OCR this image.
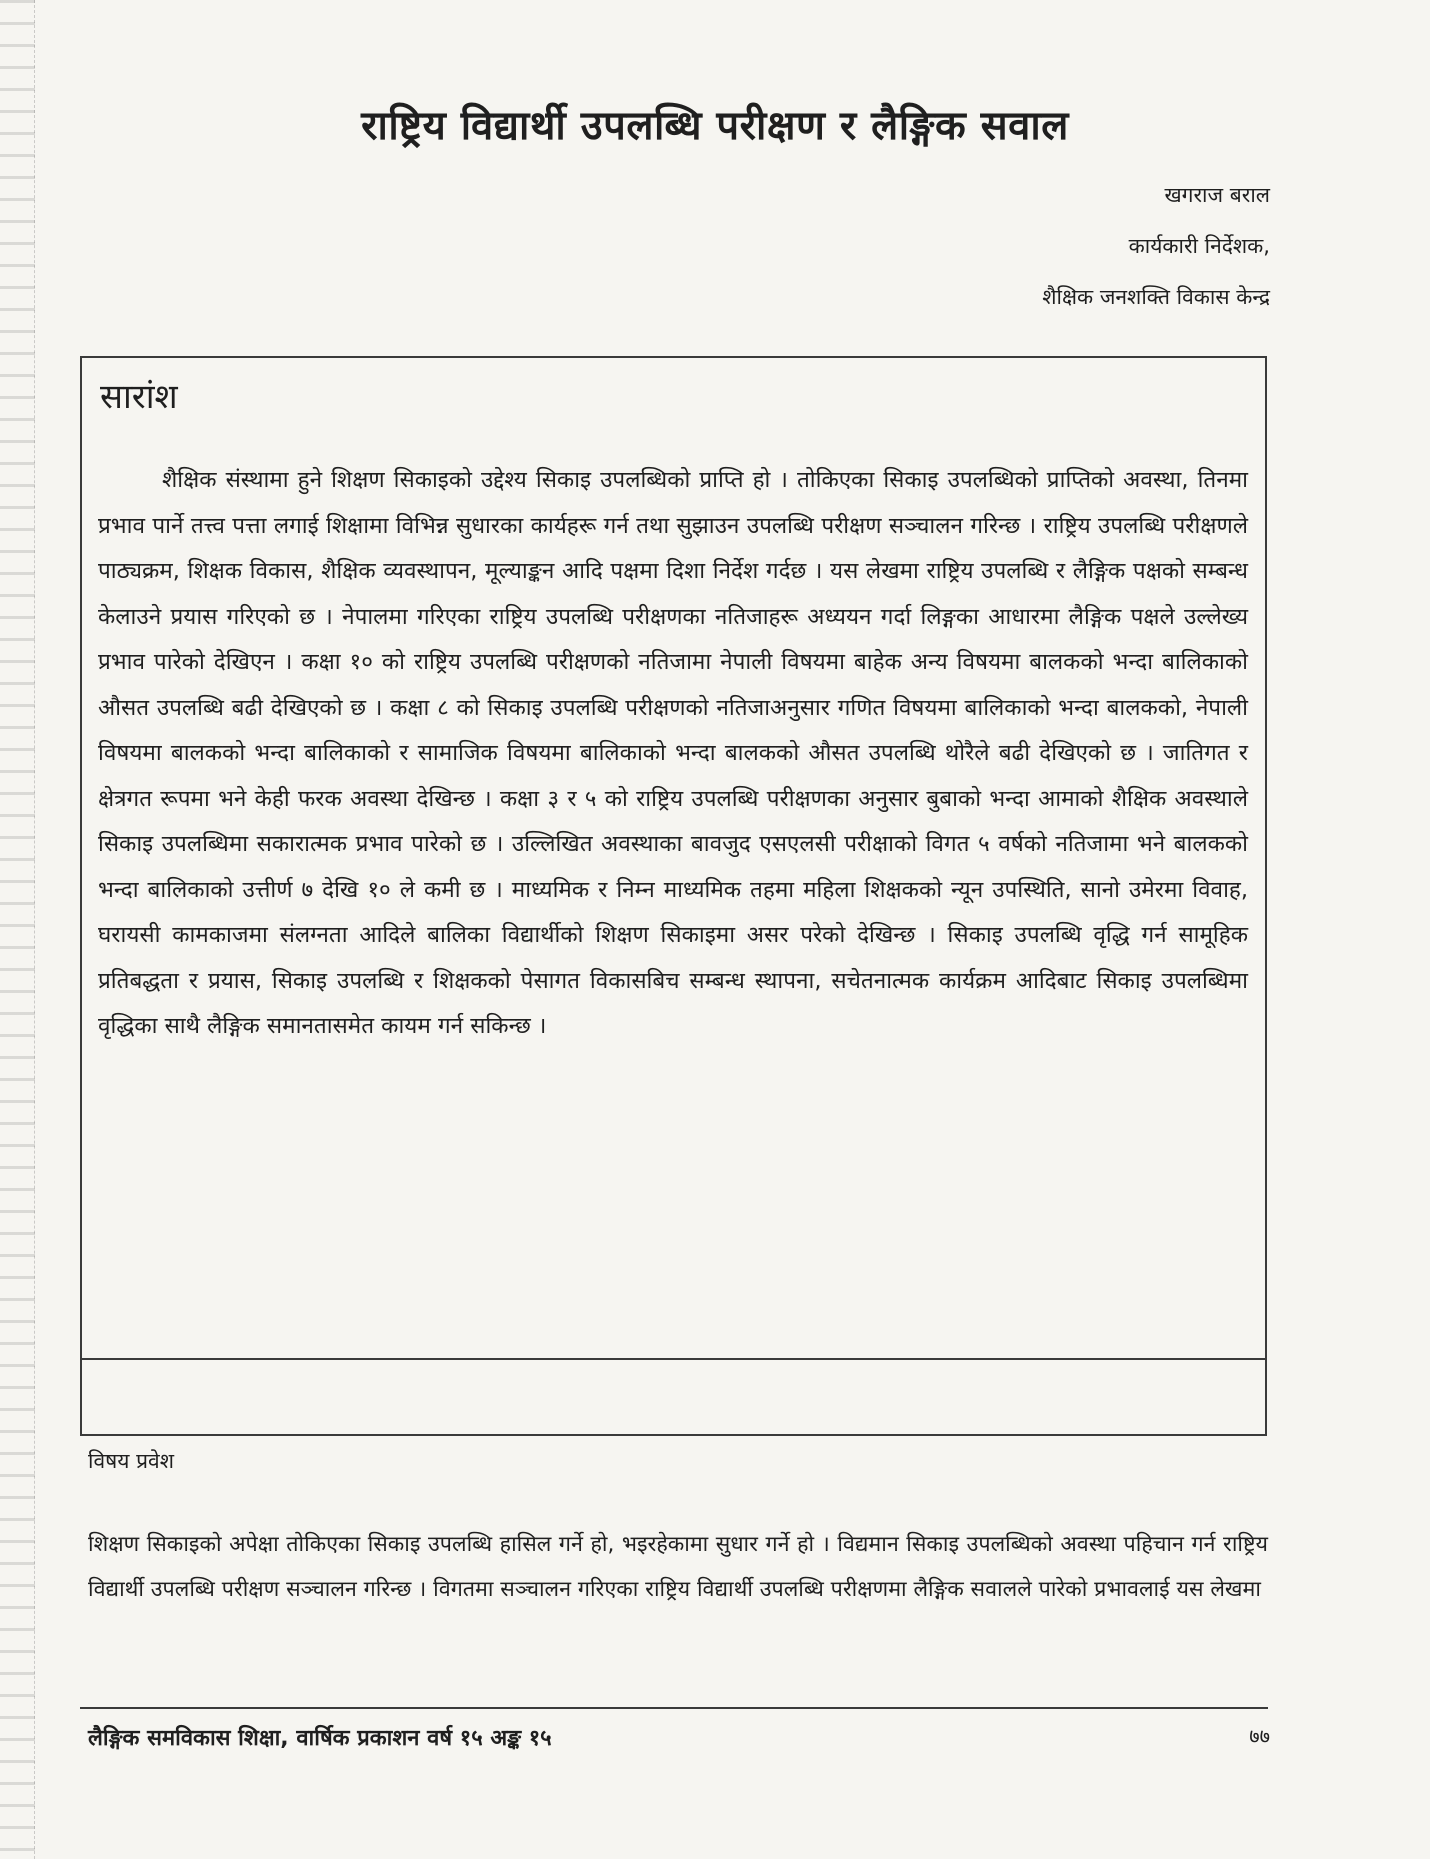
राष्ट्रिय विद्यार्थी उपलब्धि परीक्षण र लैङ्गिक सवाल
खगराज बराल
कार्यकारी निर्देशक,
शैक्षिक जनशक्ति विकास केन्द्र
सारांश

शैक्षिक संस्थामा हुने शिक्षण सिकाइको उद्देश्य सिकाइ उपलब्धिको प्राप्ति हो । तोकिएका सिकाइ उपलब्धिको प्राप्तिको अवस्था, तिनमा प्रभाव पार्ने तत्त्व पत्ता लगाई शिक्षामा विभिन्न सुधारका कार्यहरू गर्न तथा सुझाउन उपलब्धि परीक्षण सञ्चालन गरिन्छ । राष्ट्रिय उपलब्धि परीक्षणले पाठ्यक्रम, शिक्षक विकास, शैक्षिक व्यवस्थापन, मूल्याङ्कन आदि पक्षमा दिशा निर्देश गर्दछ । यस लेखमा राष्ट्रिय उपलब्धि र लैङ्गिक पक्षको सम्बन्ध केलाउने प्रयास गरिएको छ । नेपालमा गरिएका राष्ट्रिय उपलब्धि परीक्षणका नतिजाहरू अध्ययन गर्दा लिङ्गका आधारमा लैङ्गिक पक्षले उल्लेख्य प्रभाव पारेको देखिएन । कक्षा १० को राष्ट्रिय उपलब्धि परीक्षणको नतिजामा नेपाली विषयमा बाहेक अन्य विषयमा बालकको भन्दा बालिकाको औसत उपलब्धि बढी देखिएको छ । कक्षा ८ को सिकाइ उपलब्धि परीक्षणको नतिजाअनुसार गणित विषयमा बालिकाको भन्दा बालकको, नेपाली विषयमा बालकको भन्दा बालिकाको र सामाजिक विषयमा बालिकाको भन्दा बालकको औसत उपलब्धि थोरैले बढी देखिएको छ । जातिगत र क्षेत्रगत रूपमा भने केही फरक अवस्था देखिन्छ । कक्षा ३ र ५ को राष्ट्रिय उपलब्धि परीक्षणका अनुसार बुबाको भन्दा आमाको शैक्षिक अवस्थाले सिकाइ उपलब्धिमा सकारात्मक प्रभाव पारेको छ । उल्लिखित अवस्थाका बावजुद एसएलसी परीक्षाको विगत ५ वर्षको नतिजामा भने बालकको भन्दा बालिकाको उत्तीर्ण ७ देखि १० ले कमी छ । माध्यमिक र निम्न माध्यमिक तहमा महिला शिक्षकको न्यून उपस्थिति, सानो उमेरमा विवाह, घरायसी कामकाजमा संलग्नता आदिले बालिका विद्यार्थीको शिक्षण सिकाइमा असर परेको देखिन्छ । सिकाइ उपलब्धि वृद्धि गर्न सामूहिक प्रतिबद्धता र प्रयास, सिकाइ उपलब्धि र शिक्षकको पेसागत विकासबिच सम्बन्ध स्थापना, सचेतनात्मक कार्यक्रम आदिबाट सिकाइ उपलब्धिमा वृद्धिका साथै लैङ्गिक समानतासमेत कायम गर्न सकिन्छ ।

विषय प्रवेश

शिक्षण सिकाइको अपेक्षा तोकिएका सिकाइ उपलब्धि हासिल गर्ने हो, भइरहेकामा सुधार गर्ने हो । विद्यमान सिकाइ उपलब्धिको अवस्था पहिचान गर्न राष्ट्रिय विद्यार्थी उपलब्धि परीक्षण सञ्चालन गरिन्छ । विगतमा सञ्चालन गरिएका राष्ट्रिय विद्यार्थी उपलब्धि परीक्षणमा लैङ्गिक सवालले पारेको प्रभावलाई यस लेखमा

लैङ्गिक समविकास शिक्षा, वार्षिक प्रकाशन वर्ष १५ अङ्क १५	७७
